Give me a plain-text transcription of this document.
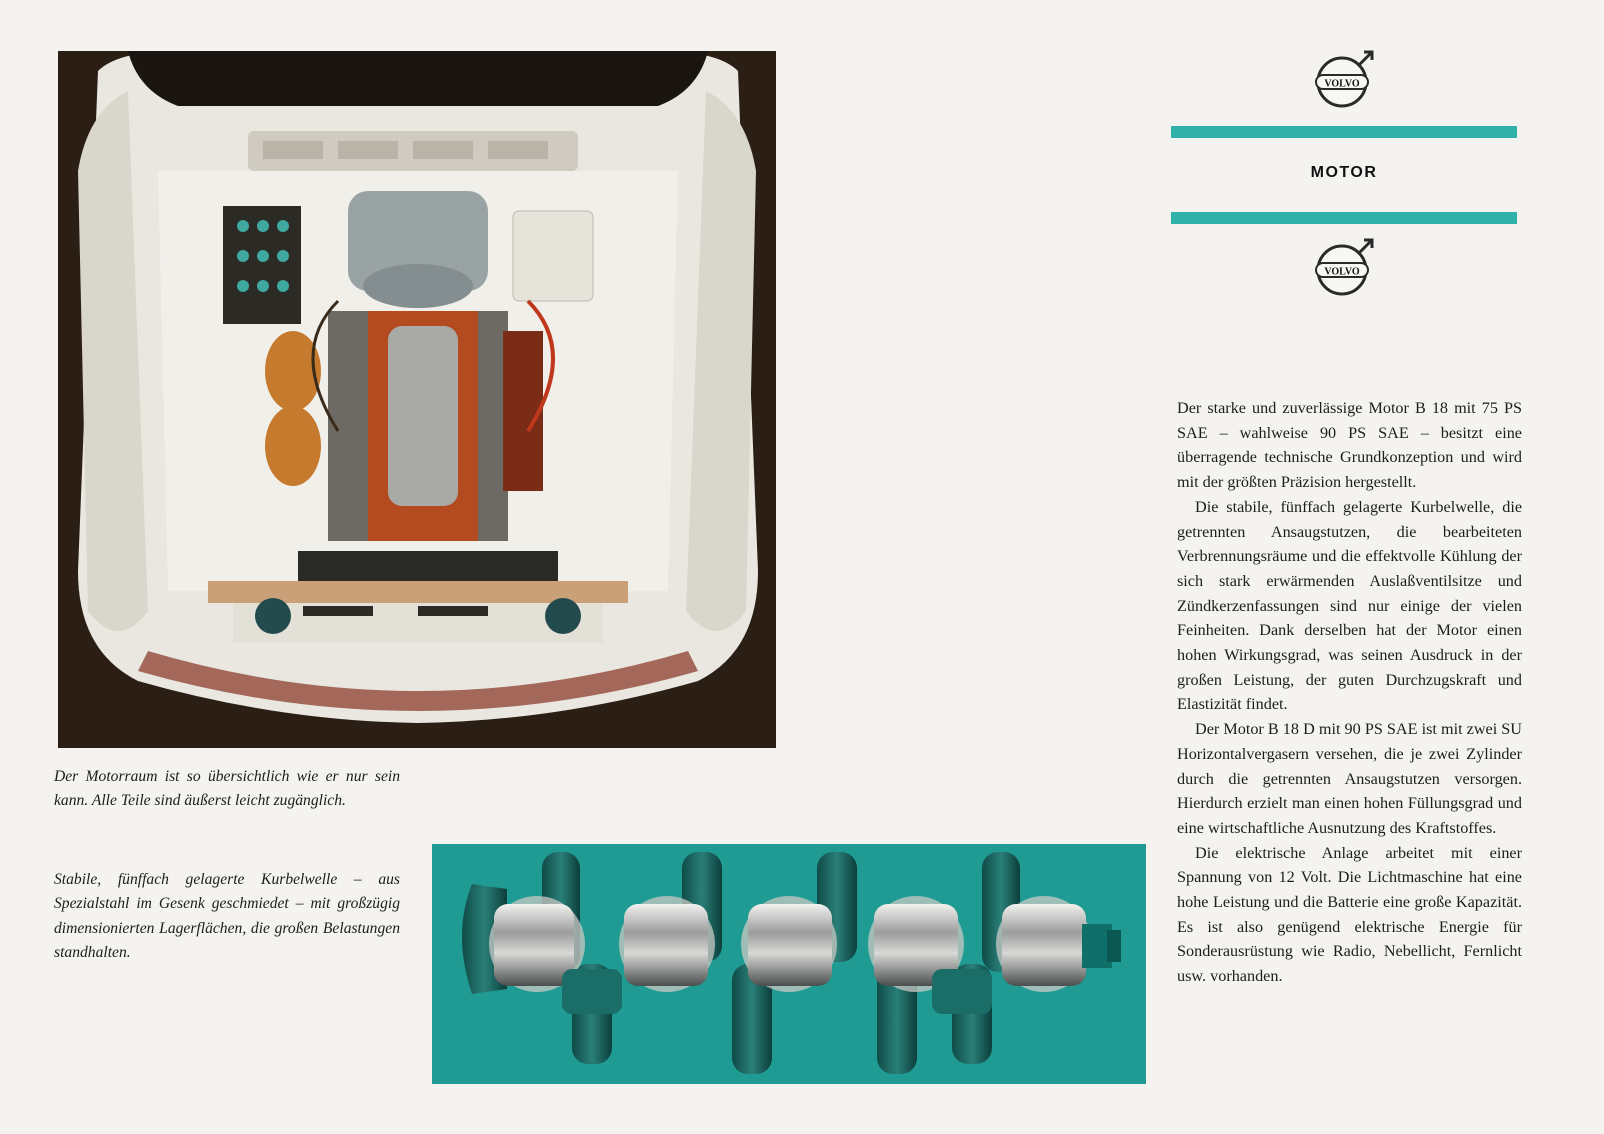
Der Motorraum ist so übersichtlich wie er nur sein kann. Alle Teile sind äußerst leicht zugänglich.

Stabile, fünffach gelagerte Kurbelwelle – aus Spezialstahl im Gesenk geschmiedet – mit großzügig dimensionierten Lagerflächen, die großen Belastungen standhalten.

VOLVO
MOTOR
VOLVO

Der starke und zuverlässige Motor B 18 mit 75 PS SAE – wahlweise 90 PS SAE – besitzt eine überragende technische Grundkonzeption und wird mit der größten Präzision hergestellt.

Die stabile, fünffach gelagerte Kurbelwelle, die getrennten Ansaugstutzen, die bearbeiteten Verbrennungsräume und die effektvolle Kühlung der sich stark erwärmenden Auslaßventilsitze und Zündkerzenfassungen sind nur einige der vielen Feinheiten. Dank derselben hat der Motor einen hohen Wirkungsgrad, was seinen Ausdruck in der großen Leistung, der guten Durchzugskraft und Elastizität findet.

Der Motor B 18 D mit 90 PS SAE ist mit zwei SU Horizontalvergasern versehen, die je zwei Zylinder durch die getrennten Ansaugstutzen versorgen. Hierdurch erzielt man einen hohen Füllungsgrad und eine wirtschaftliche Ausnutzung des Kraftstoffes.

Die elektrische Anlage arbeitet mit einer Spannung von 12 Volt. Die Lichtmaschine hat eine hohe Leistung und die Batterie eine große Kapazität. Es ist also genügend elektrische Energie für Sonderausrüstung wie Radio, Nebellicht, Fernlicht usw. vorhanden.
